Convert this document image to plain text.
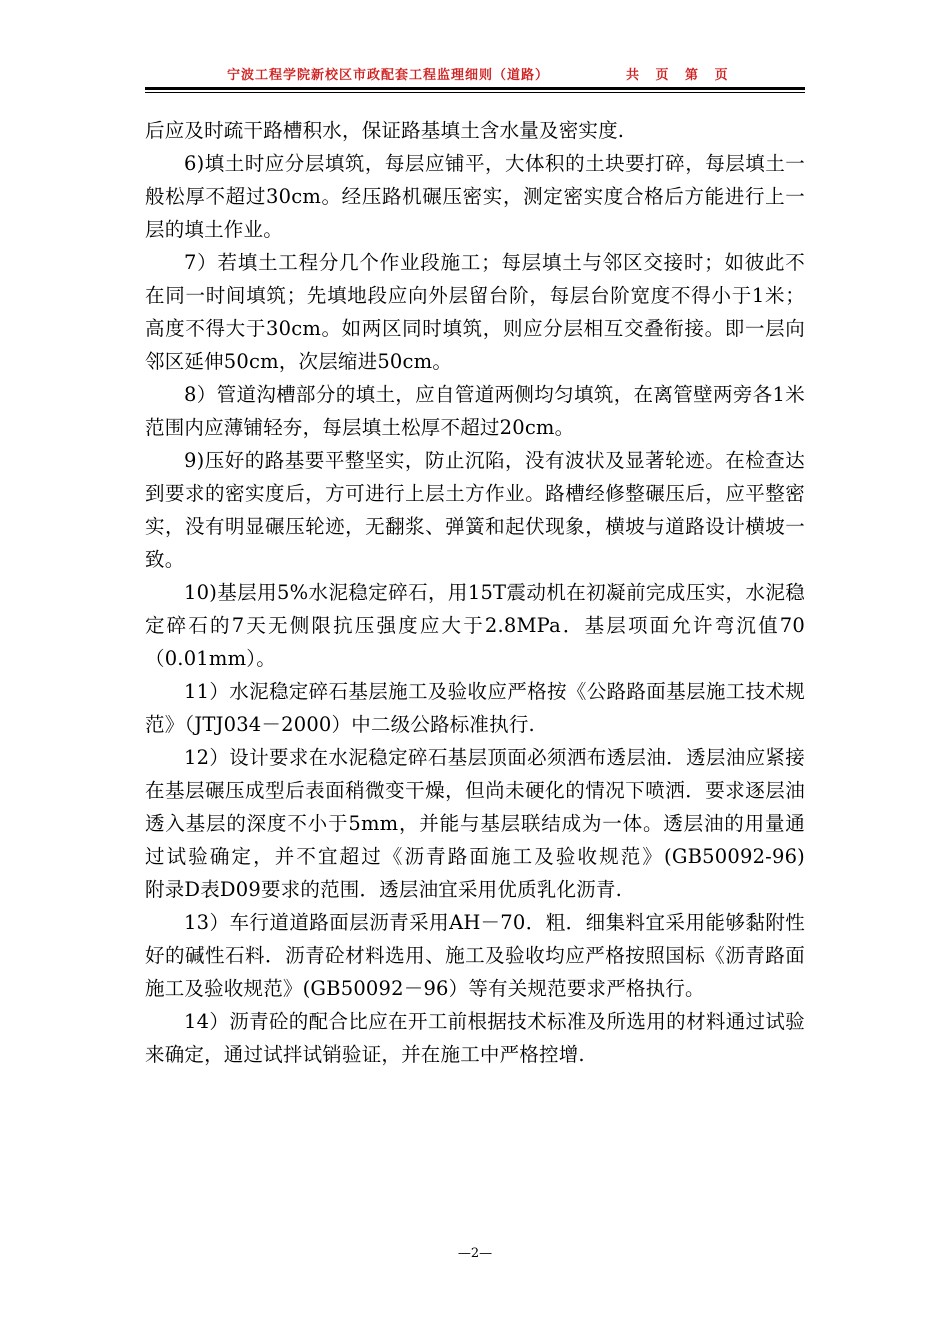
宁波工程学院新校区市政配套工程监理细则（道路）	共 页 第 页

后应及时疏干路槽积水，保证路基填土含水量及密实度.

6)填土时应分层填筑，每层应铺平，大体积的土块要打碎，每层填土一般松厚不超过30cm。经压路机碾压密实，测定密实度合格后方能进行上一层的填土作业。

7）若填土工程分几个作业段施工；每层填土与邻区交接时；如彼此不在同一时间填筑；先填地段应向外层留台阶，每层台阶宽度不得小于1米；高度不得大于30cm。如两区同时填筑，则应分层相互交叠衔接。即一层向邻区延伸50cm，次层缩进50cm。

8）管道沟槽部分的填土，应自管道两侧均匀填筑，在离管壁两旁各1米范围内应薄铺轻夯，每层填土松厚不超过20cm。

9)压好的路基要平整坚实，防止沉陷，没有波状及显著轮迹。在检查达到要求的密实度后，方可进行上层土方作业。路槽经修整碾压后，应平整密实，没有明显碾压轮迹，无翻浆、弹簧和起伏现象，横坡与道路设计横坡一致。

10)基层用5%水泥稳定碎石，用15T震动机在初凝前完成压实，水泥稳定碎石的7天无侧限抗压强度应大于2.8MPa．基层项面允许弯沉值70（0.01mm）。

11）水泥稳定碎石基层施工及验收应严格按《公路路面基层施工技术规范》（JTJ034－2000）中二级公路标准执行.

12）设计要求在水泥稳定碎石基层顶面必须洒布透层油．透层油应紧接在基层碾压成型后表面稍微变干燥，但尚未硬化的情况下喷洒．要求逐层油透入基层的深度不小于5mm，并能与基层联结成为一体。透层油的用量通过试验确定，并不宜超过《沥青路面施工及验收规范》(GB50092-96)　　附录D表D09要求的范围．透层油宜采用优质乳化沥青.

13）车行道道路面层沥青采用AH－70．粗．细集料宜采用能够黏附性好的碱性石料．沥青砼材料选用、施工及验收均应严格按照国标《沥青路面施工及验收规范》(GB50092－96）等有关规范要求严格执行。

14）沥青砼的配合比应在开工前根据技术标准及所选用的材料通过试验来确定，通过试拌试销验证，并在施工中严格控增.

—2—
